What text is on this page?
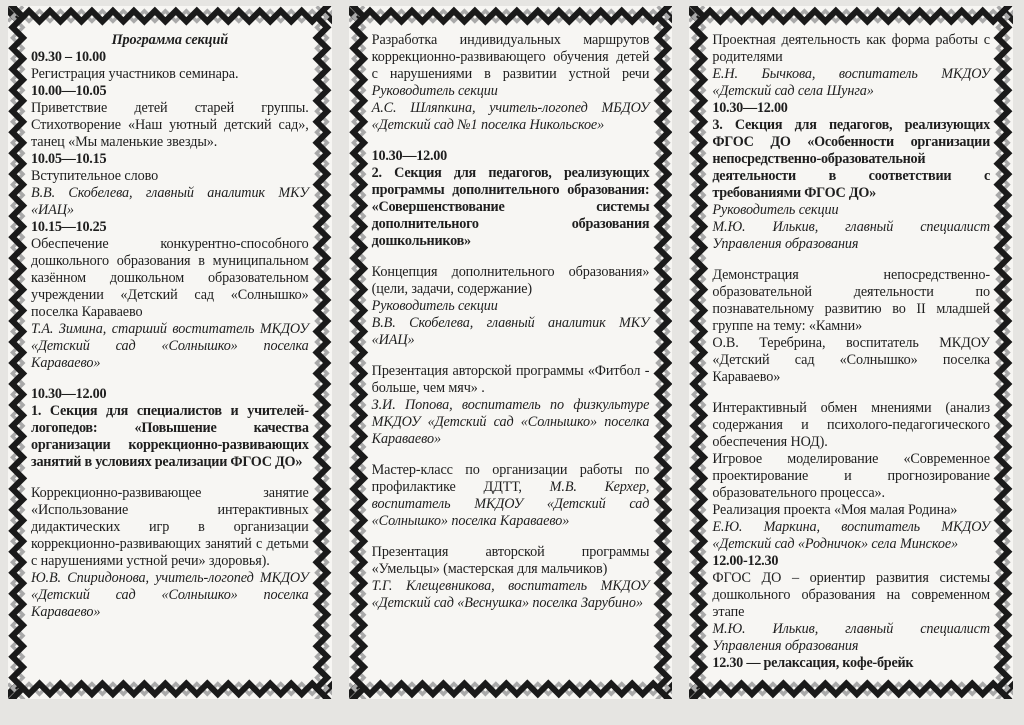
Программа секций

09.30 – 10.00

Регистрация участников семинара.

10.00—10.05

Приветствие детей старей группы. Стихотворение «Наш уютный детский сад», танец «Мы маленькие звезды».

10.05—10.15

Вступительное слово

В.В. Скобелева, главный аналитик МКУ «ИАЦ»

10.15—10.25

Обеспечение конкурентно-способного дошкольного образования в муниципальном казённом дошкольном образовательном учреждении «Детский сад «Солнышко» поселка Караваево

Т.А. Зимина, старший воститатель МКДОУ «Детский сад «Солнышко» поселка Караваево»

10.30—12.00

1. Секция для специалистов и учителей-логопедов: «Повышение качества организации коррекционно-развивающих занятий в условиях реализации ФГОС ДО»

Коррекционно-развивающее занятие «Использование интерактивных дидактических игр в организации коррекционно-развивающих занятий с детьми с нарушениями устной речи» здоровья).

Ю.В. Спиридонова, учитель-логопед МКДОУ «Детский сад «Солнышко» поселка Караваево»

Разработка индивидуальных маршрутов коррекционно-развивающего обучения детей с нарушениями в развитии устной речи Руководитель секции

А.С. Шляпкина, учитель-логопед МБДОУ «Детский сад №1 поселка Никольское»

10.30—12.00

2. Секция для педагогов, реализующих программы дополнительного образования: «Совершенствование системы дополнительного образования дошкольников»

Концепция дополнительного образования» (цели, задачи, содержание)

Руководитель секции

В.В. Скобелева, главный аналитик МКУ «ИАЦ»

Презентация авторской программы «Фитбол - больше, чем мяч» .

З.И. Попова, воспитатель по физкультуре МКДОУ «Детский сад «Солнышко» поселка Караваево»

Мастер-класс по организации работы по профилактике ДДТТ, М.В. Керхер, воспитатель МКДОУ «Детский сад «Солнышко» поселка Караваево»

Презентация авторской программы «Умельцы» (мастерская для мальчиков)

Т.Г. Клещевникова, воспитатель МКДОУ «Детский сад «Веснушка» поселка Зарубино»

Проектная деятельность как форма работы с родителями

Е.Н. Бычкова, воспитатель МКДОУ «Детский сад села Шунга»

10.30—12.00

3. Секция для педагогов, реализующих ФГОС ДО «Особенности организации непосредственно-образовательной деятельности в соответствии с требованиями ФГОС ДО»

Руководитель секции

М.Ю. Илькив, главный специалист Управления образования

Демонстрация непосредственно-образовательной деятельности по познавательному развитию во II младшей группе на тему: «Камни»

О.В. Теребрина, воспитатель МКДОУ «Детский сад «Солнышко» поселка Караваево»

Интерактивный обмен мнениями (анализ содержания и психолого-педагогического обеспечения НОД).

Игровое моделирование «Современное проектирование и прогнозирование образовательного процесса».

Реализация проекта «Моя малая Родина»

Е.Ю. Маркина, воспитатель МКДОУ «Детский сад «Родничок» села Минское»

12.00-12.30

ФГОС ДО – ориентир развития системы дошкольного образования на современном этапе

М.Ю. Илькив, главный специалист Управления образования

12.30 — релаксация, кофе-брейк
